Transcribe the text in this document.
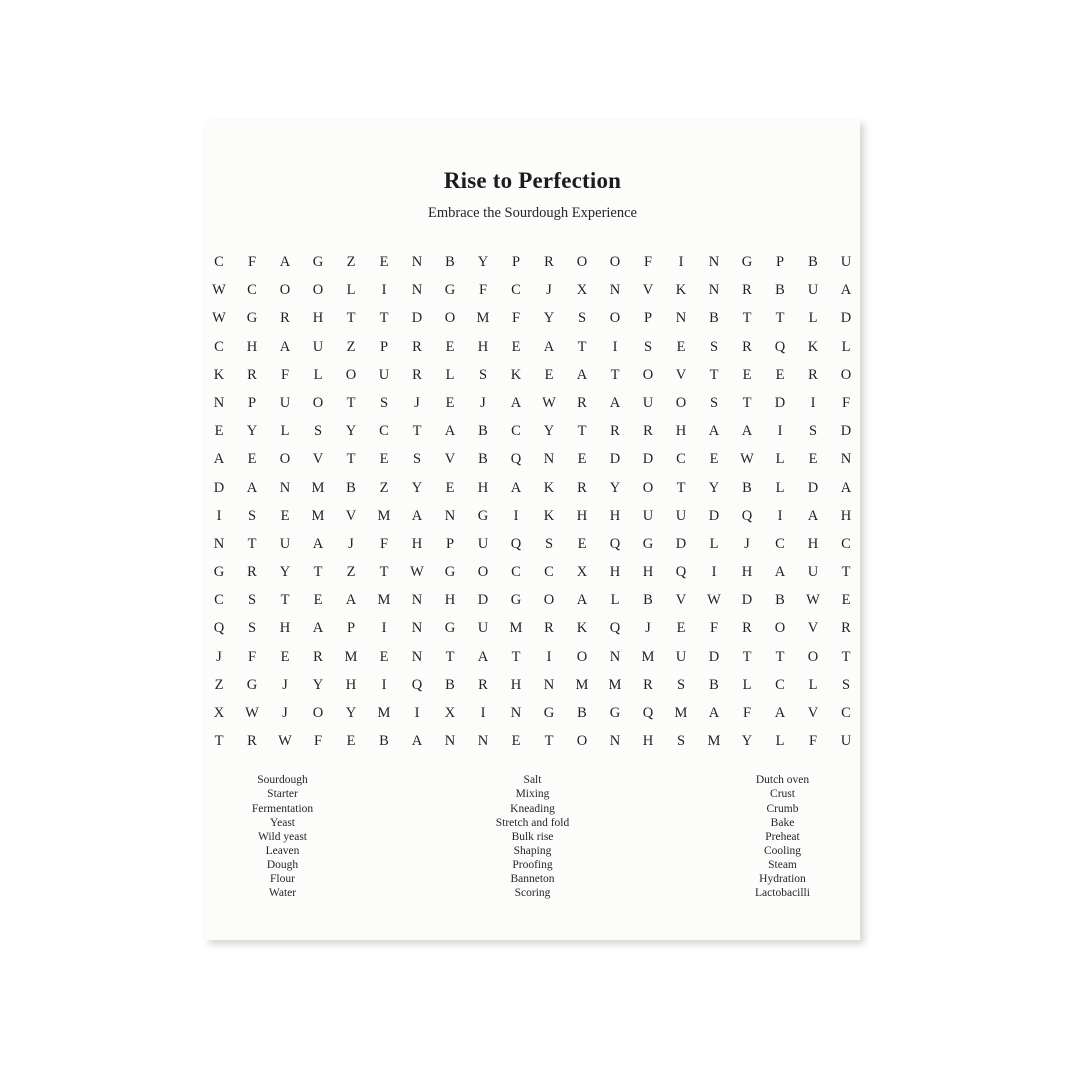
Rise to Perfection
Embrace the Sourdough Experience
C	F	A	G	Z	E	N	B	Y	P	R	O	O	F	I	N	G	P	B	U
W	C	O	O	L	I	N	G	F	C	J	X	N	V	K	N	R	B	U	A
W	G	R	H	T	T	D	O	M	F	Y	S	O	P	N	B	T	T	L	D
C	H	A	U	Z	P	R	E	H	E	A	T	I	S	E	S	R	Q	K	L
K	R	F	L	O	U	R	L	S	K	E	A	T	O	V	T	E	E	R	O
N	P	U	O	T	S	J	E	J	A	W	R	A	U	O	S	T	D	I	F
E	Y	L	S	Y	C	T	A	B	C	Y	T	R	R	H	A	A	I	S	D
A	E	O	V	T	E	S	V	B	Q	N	E	D	D	C	E	W	L	E	N
D	A	N	M	B	Z	Y	E	H	A	K	R	Y	O	T	Y	B	L	D	A
I	S	E	M	V	M	A	N	G	I	K	H	H	U	U	D	Q	I	A	H
N	T	U	A	J	F	H	P	U	Q	S	E	Q	G	D	L	J	C	H	C
G	R	Y	T	Z	T	W	G	O	C	C	X	H	H	Q	I	H	A	U	T
C	S	T	E	A	M	N	H	D	G	O	A	L	B	V	W	D	B	W	E
Q	S	H	A	P	I	N	G	U	M	R	K	Q	J	E	F	R	O	V	R
J	F	E	R	M	E	N	T	A	T	I	O	N	M	U	D	T	T	O	T
Z	G	J	Y	H	I	Q	B	R	H	N	M	M	R	S	B	L	C	L	S
X	W	J	O	Y	M	I	X	I	N	G	B	G	Q	M	A	F	A	V	C
T	R	W	F	E	B	A	N	N	E	T	O	N	H	S	M	Y	L	F	U
Sourdough
Starter
Fermentation
Yeast
Wild yeast
Leaven
Dough
Flour
Water
Salt
Mixing
Kneading
Stretch and fold
Bulk rise
Shaping
Proofing
Banneton
Scoring
Dutch oven
Crust
Crumb
Bake
Preheat
Cooling
Steam
Hydration
Lactobacilli
